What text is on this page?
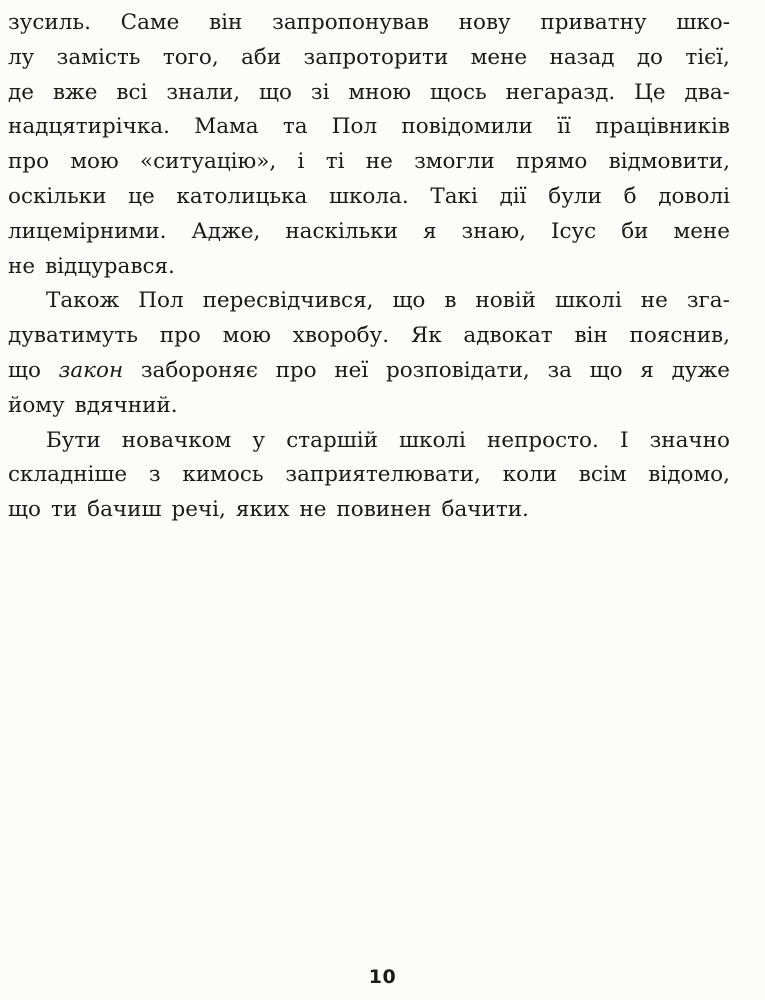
зусиль. Саме він запропонував нову приватну шко-
лу замість того, аби запроторити мене назад до тієї,
де вже всі знали, що зі мною щось негаразд. Це два-
надцятирічка. Мама та Пол повідомили її працівників
про мою «ситуацію», і ті не змогли прямо відмовити,
оскільки це католицька школа. Такі дії були б доволі
лицемірними. Адже, наскільки я знаю, Ісус би мене
не відцурався.
Також Пол пересвідчився, що в новій школі не зга-
дуватимуть про мою хворобу. Як адвокат він пояснив,
що закон забороняє про неї розповідати, за що я дуже
йому вдячний.
Бути новачком у старшій школі непросто. І значно
складніше з кимось заприятелювати, коли всім відомо,
що ти бачиш речі, яких не повинен бачити.
10
